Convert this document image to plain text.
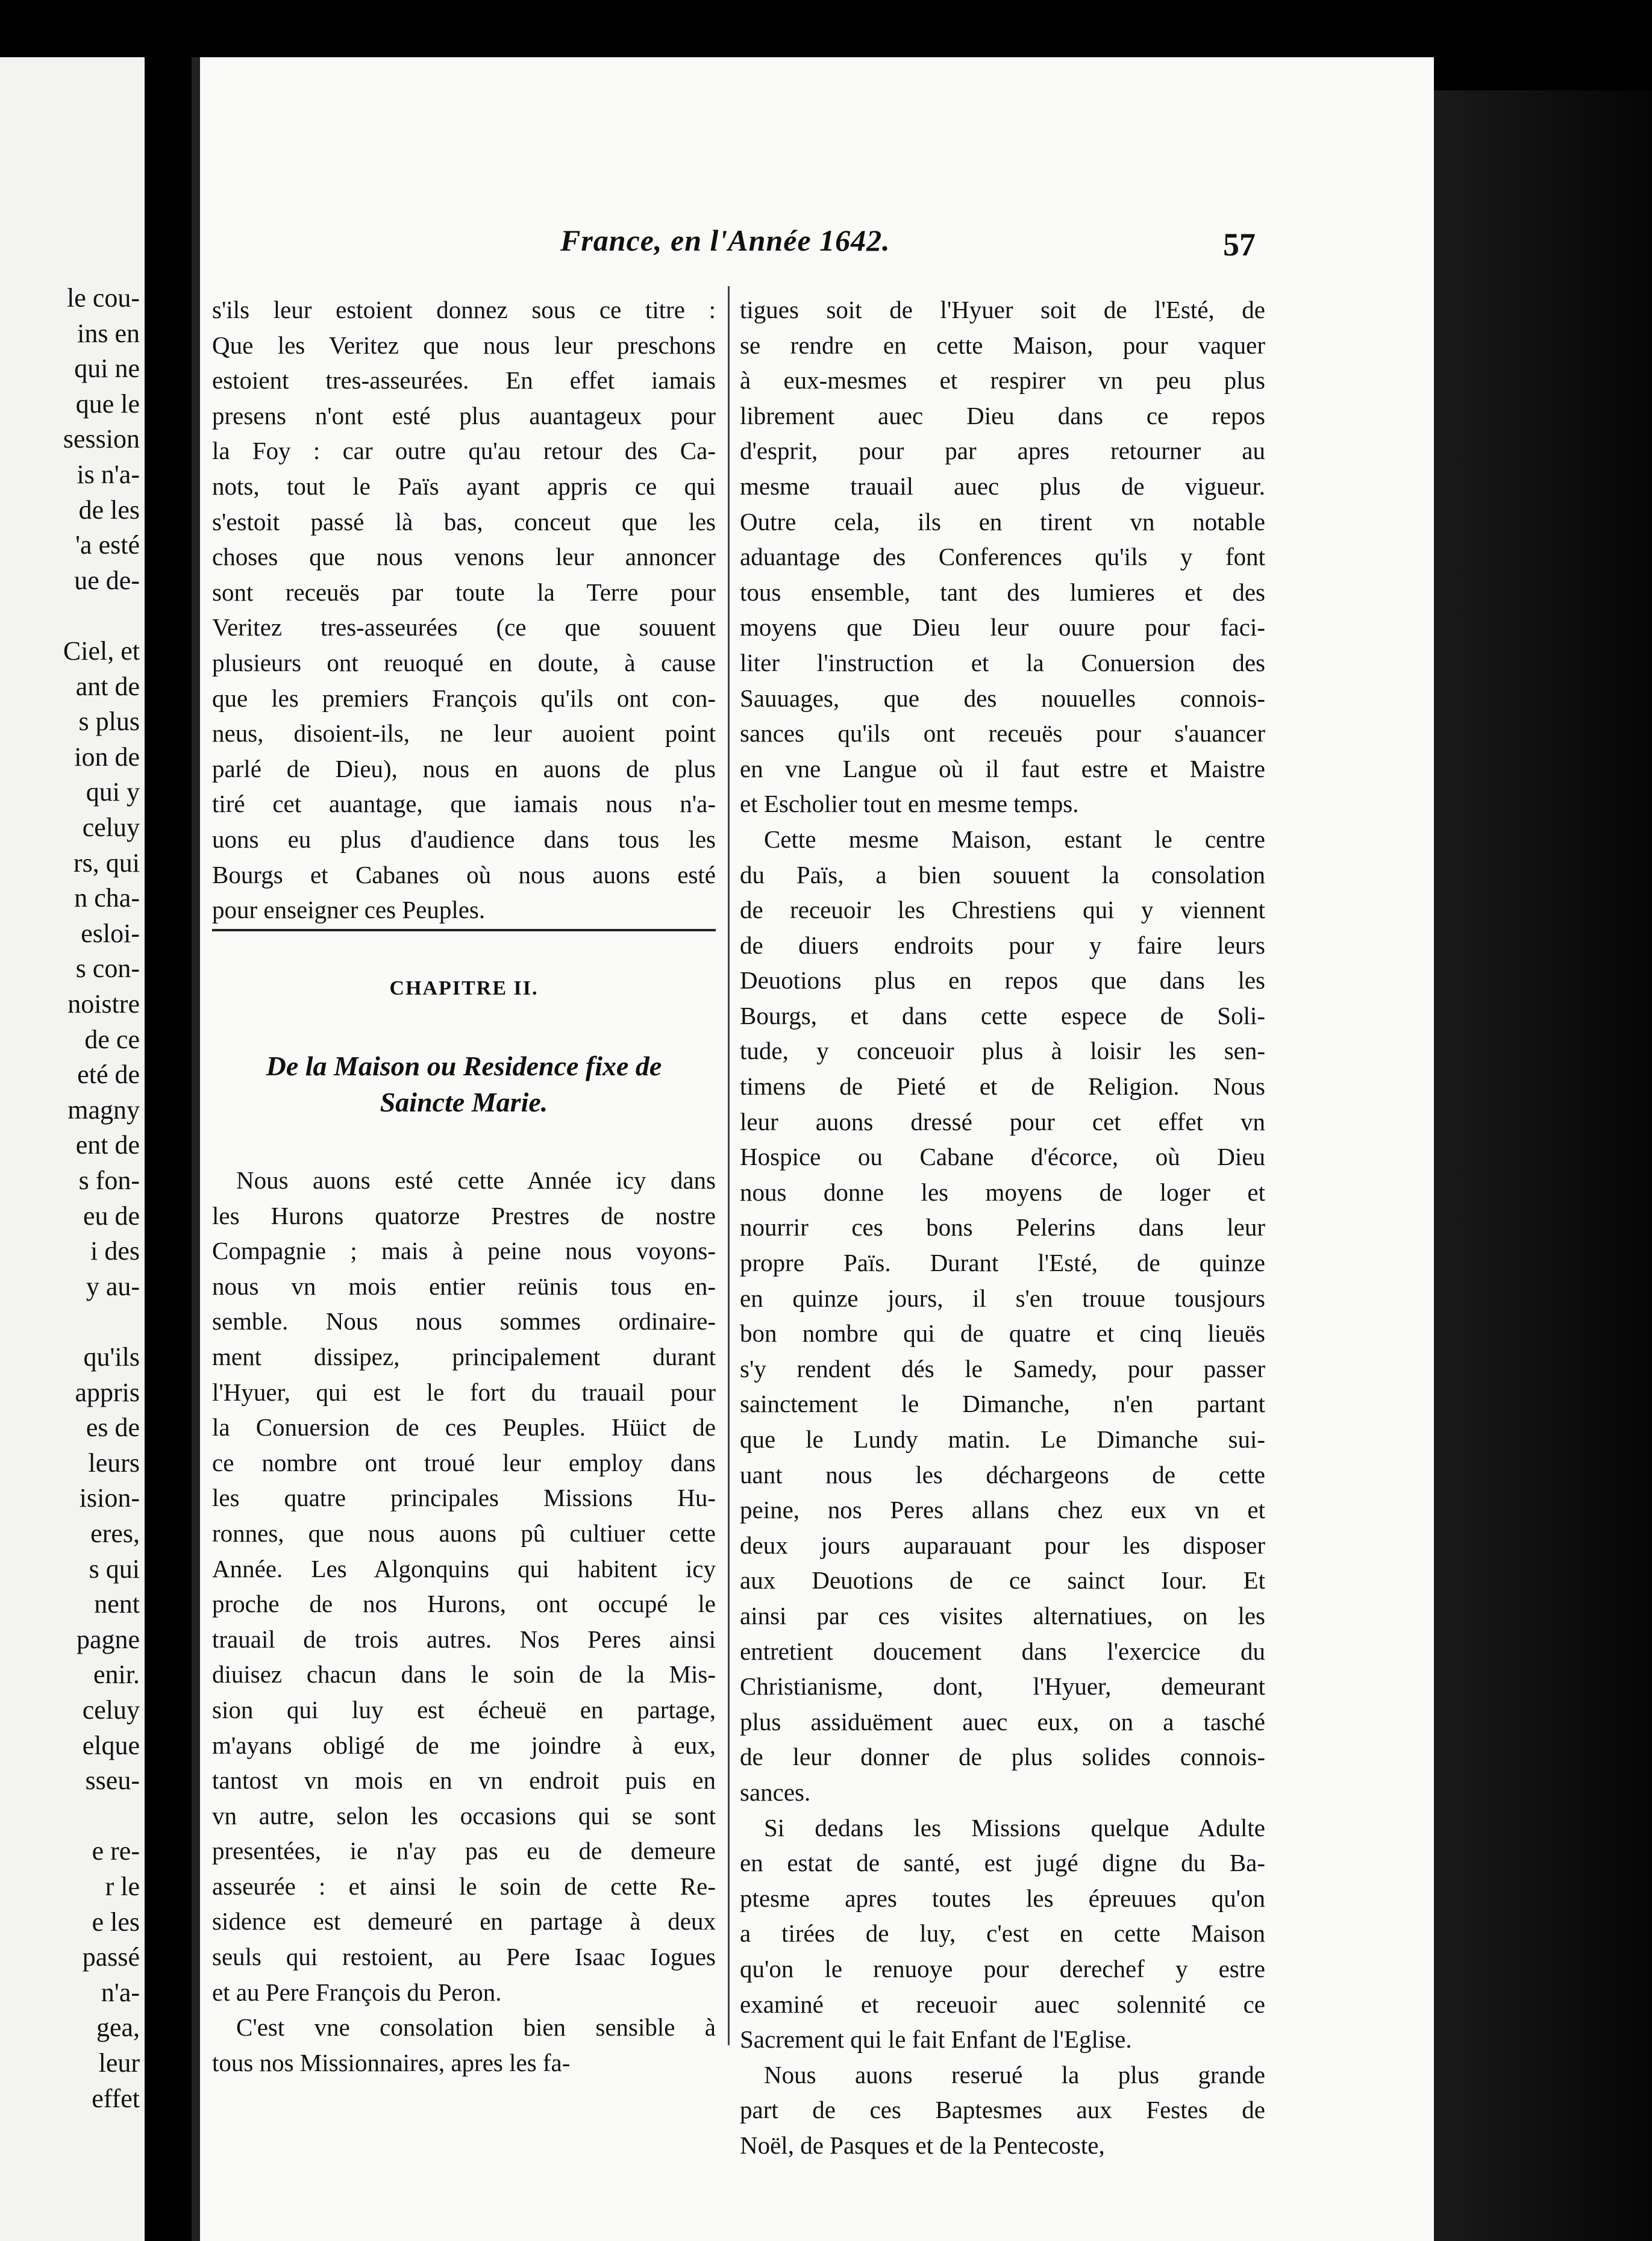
le cou-
ins en
qui ne
que le
session
is n'a-
de les
'a esté
ue de-
Ciel, et
ant de
s plus
ion de
qui y
celuy
rs, qui
n cha-
esloi-
s con-
noistre
de ce
eté de
magny
ent de
s fon-
eu de
i des
y au-
qu'ils
appris
es de
leurs
ision-
eres,
s qui
nent
pagne
enir.
celuy
elque
sseu-
e re-
r le
e les
passé
n'a-
gea,
leur
effet
France, en l'Année 1642.	57
s'ils leur estoient donnez sous ce titre :
Que les Veritez que nous leur preschons
estoient tres-asseurées. En effet iamais
presens n'ont esté plus auantageux pour
la Foy : car outre qu'au retour des Ca-
nots, tout le Païs ayant appris ce qui
s'estoit passé là bas, conceut que les
choses que nous venons leur annoncer
sont receuës par toute la Terre pour
Veritez tres-asseurées (ce que souuent
plusieurs ont reuoqué en doute, à cause
que les premiers François qu'ils ont con-
neus, disoient-ils, ne leur auoient point
parlé de Dieu), nous en auons de plus
tiré cet auantage, que iamais nous n'a-
uons eu plus d'audience dans tous les
Bourgs et Cabanes où nous auons esté
pour enseigner ces Peuples.
CHAPITRE II.
De la Maison ou Residence fixe de
Saincte Marie.
Nous auons esté cette Année icy dans
les Hurons quatorze Prestres de nostre
Compagnie ; mais à peine nous voyons-
nous vn mois entier reünis tous en-
semble. Nous nous sommes ordinaire-
ment dissipez, principalement durant
l'Hyuer, qui est le fort du trauail pour
la Conuersion de ces Peuples. Hüict de
ce nombre ont troué leur employ dans
les quatre principales Missions Hu-
ronnes, que nous auons pû cultiuer cette
Année. Les Algonquins qui habitent icy
proche de nos Hurons, ont occupé le
trauail de trois autres. Nos Peres ainsi
diuisez chacun dans le soin de la Mis-
sion qui luy est écheuë en partage,
m'ayans obligé de me joindre à eux,
tantost vn mois en vn endroit puis en
vn autre, selon les occasions qui se sont
presentées, ie n'ay pas eu de demeure
asseurée : et ainsi le soin de cette Re-
sidence est demeuré en partage à deux
seuls qui restoient, au Pere Isaac Iogues
et au Pere François du Peron.
C'est vne consolation bien sensible à
tous nos Missionnaires, apres les fa-
tigues soit de l'Hyuer soit de l'Esté, de
se rendre en cette Maison, pour vaquer
à eux-mesmes et respirer vn peu plus
librement auec Dieu dans ce repos
d'esprit, pour par apres retourner au
mesme trauail auec plus de vigueur.
Outre cela, ils en tirent vn notable
aduantage des Conferences qu'ils y font
tous ensemble, tant des lumieres et des
moyens que Dieu leur ouure pour faci-
liter l'instruction et la Conuersion des
Sauuages, que des nouuelles connois-
sances qu'ils ont receuës pour s'auancer
en vne Langue où il faut estre et Maistre
et Escholier tout en mesme temps.
Cette mesme Maison, estant le centre
du Païs, a bien souuent la consolation
de receuoir les Chrestiens qui y viennent
de diuers endroits pour y faire leurs
Deuotions plus en repos que dans les
Bourgs, et dans cette espece de Soli-
tude, y conceuoir plus à loisir les sen-
timens de Pieté et de Religion. Nous
leur auons dressé pour cet effet vn
Hospice ou Cabane d'écorce, où Dieu
nous donne les moyens de loger et
nourrir ces bons Pelerins dans leur
propre Païs. Durant l'Esté, de quinze
en quinze jours, il s'en trouue tousjours
bon nombre qui de quatre et cinq lieuës
s'y rendent dés le Samedy, pour passer
sainctement le Dimanche, n'en partant
que le Lundy matin. Le Dimanche sui-
uant nous les déchargeons de cette
peine, nos Peres allans chez eux vn et
deux jours auparauant pour les disposer
aux Deuotions de ce sainct Iour. Et
ainsi par ces visites alternatiues, on les
entretient doucement dans l'exercice du
Christianisme, dont, l'Hyuer, demeurant
plus assiduëment auec eux, on a tasché
de leur donner de plus solides connois-
sances.
Si dedans les Missions quelque Adulte
en estat de santé, est jugé digne du Ba-
ptesme apres toutes les épreuues qu'on
a tirées de luy, c'est en cette Maison
qu'on le renuoye pour derechef y estre
examiné et receuoir auec solennité ce
Sacrement qui le fait Enfant de l'Eglise.
Nous auons reserué la plus grande
part de ces Baptesmes aux Festes de
Noël, de Pasques et de la Pentecoste,
